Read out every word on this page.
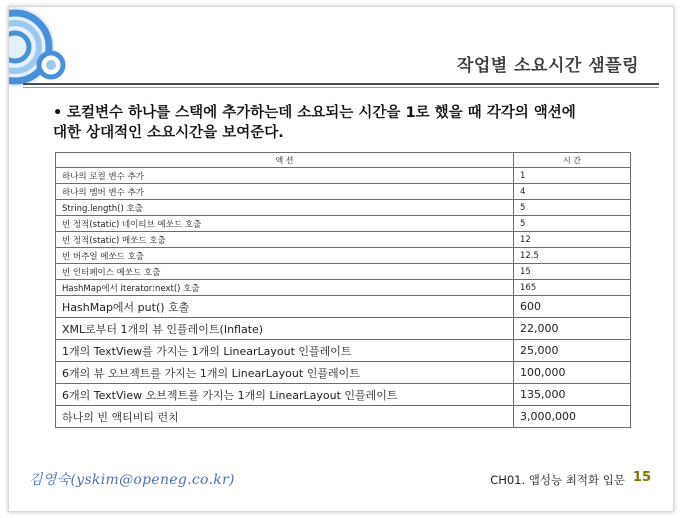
작업별 소요시간 샘플링
• 로컬변수 하나를 스택에 추가하는데 소요되는 시간을 1로 했을 때 각각의 액션에
대한 상대적인 소요시간을 보여준다.
액 션	시 간
하나의 로컬 변수 추가	1
하나의 멤버 변수 추가	4
String.length() 호출	5
빈 정적(static) 네이티브 메쏘드 호출	5
빈 정적(static) 메쏘드 호출	12
빈 버추얼 메쏘드 호출	12.5
빈 인터페이스 메쏘드 호출	15
HashMap에서 Iterator:next() 호출	165
HashMap에서 put() 호출	600
XML로부터 1개의 뷰 인플레이트(Inflate)	22,000
1개의 TextView를 가지는 1개의 LinearLayout 인플레이트	25,000
6개의 뷰 오브젝트를 가지는 1개의 LinearLayout 인플레이트	100,000
6개의 TextView 오브젝트를 가지는 1개의 LinearLayout 인플레이트	135,000
하나의 빈 액티비티 런치	3,000,000
김영숙(yskim@openeg.co.kr)	CH01. 앱성능 최적화 입문 15
